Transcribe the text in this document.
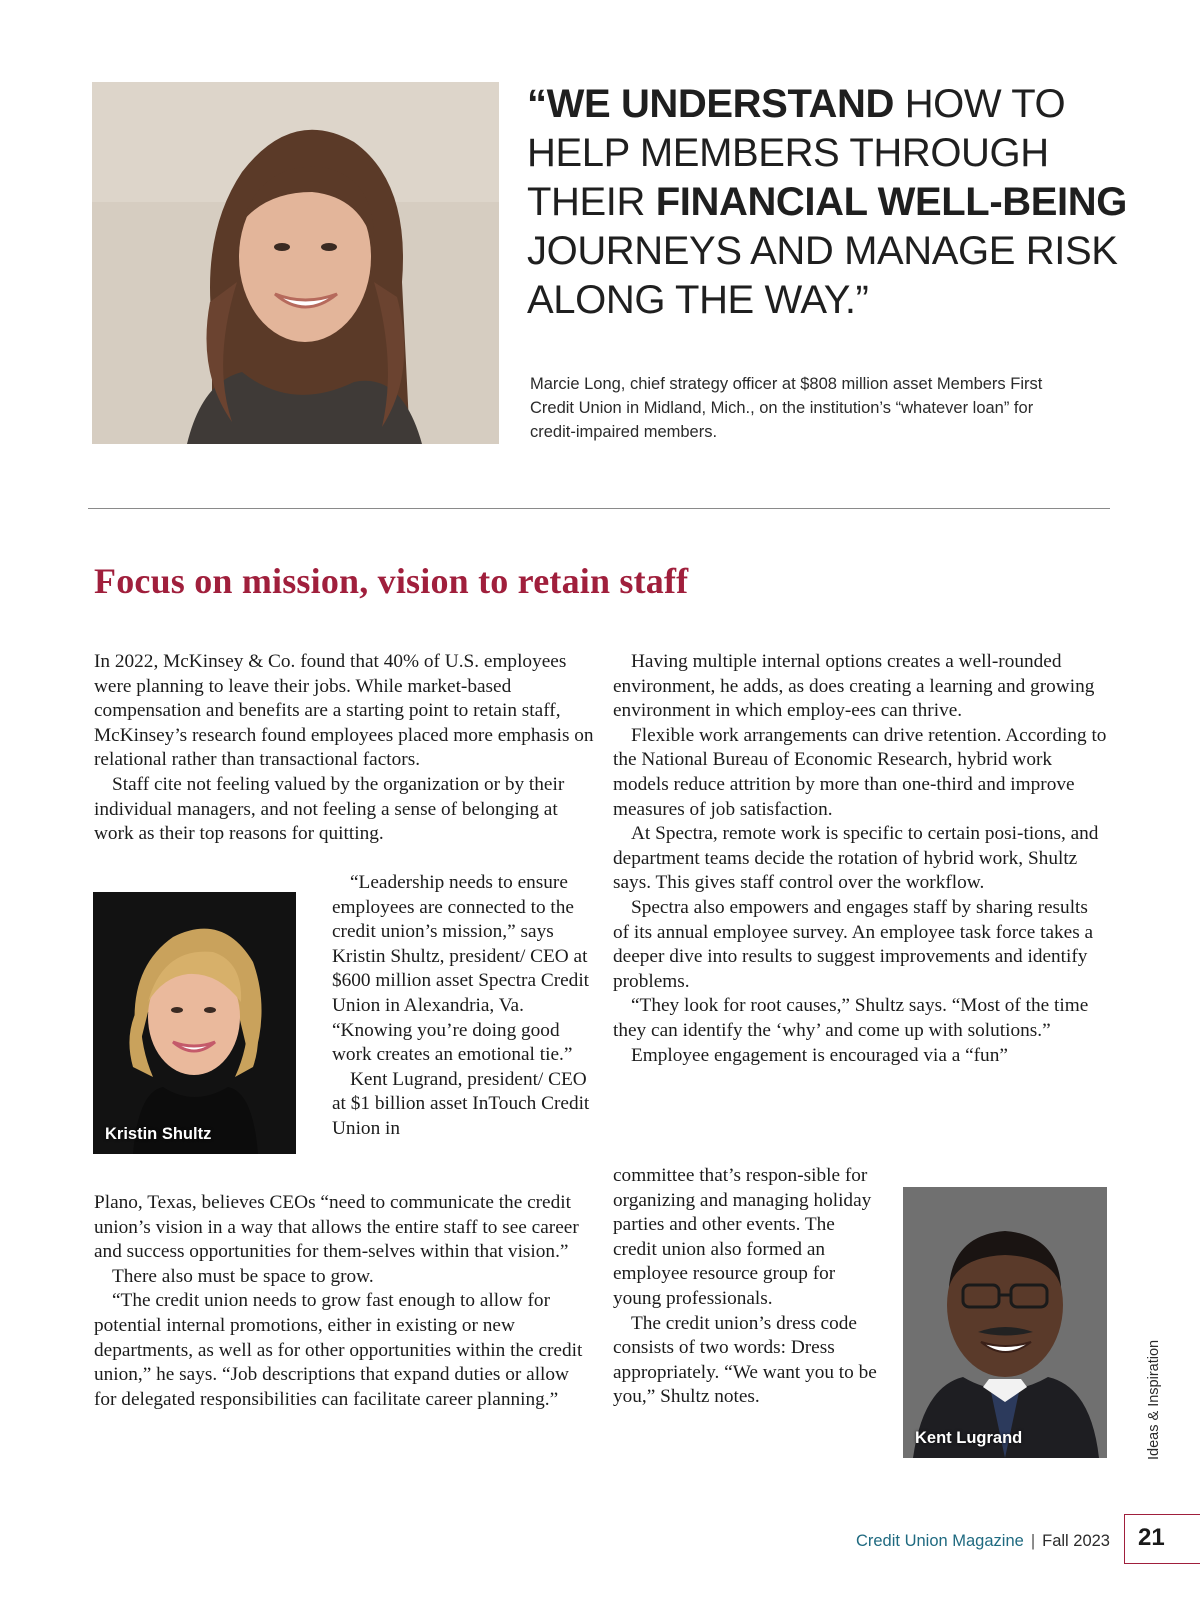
“WE UNDERSTAND HOW TO HELP MEMBERS THROUGH THEIR FINANCIAL WELL-BEING JOURNEYS AND MANAGE RISK ALONG THE WAY.”
Marcie Long, chief strategy officer at $808 million asset Members First Credit Union in Midland, Mich., on the institution’s “whatever loan” for credit-impaired members.
Focus on mission, vision to retain staff

In 2022, McKinsey & Co. found that 40% of U.S. employees were planning to leave their jobs. While market-based compensation and benefits are a starting point to retain staff, McKinsey’s research found employees placed more emphasis on relational rather than transactional factors.

Staff cite not feeling valued by the organization or by their individual managers, and not feeling a sense of belonging at work as their top reasons for quitting.

Kristin Shultz

“Leadership needs to ensure employees are connected to the credit union’s mission,” says Kristin Shultz, president/ CEO at $600 million asset Spectra Credit Union in Alexandria, Va. “Knowing you’re doing good work creates an emotional tie.”

Kent Lugrand, president/ CEO at $1 billion asset InTouch Credit Union in

Plano, Texas, believes CEOs “need to communicate the credit union’s vision in a way that allows the entire staff to see career and success opportunities for them-selves within that vision.”

There also must be space to grow.

“The credit union needs to grow fast enough to allow for potential internal promotions, either in existing or new departments, as well as for other opportunities within the credit union,” he says. “Job descriptions that expand duties or allow for delegated responsibilities can facilitate career planning.”

Having multiple internal options creates a well-rounded environment, he adds, as does creating a learning and growing environment in which employ-ees can thrive.

Flexible work arrangements can drive retention. According to the National Bureau of Economic Research, hybrid work models reduce attrition by more than one-third and improve measures of job satisfaction.

At Spectra, remote work is specific to certain posi-tions, and department teams decide the rotation of hybrid work, Shultz says. This gives staff control over the workflow.

Spectra also empowers and engages staff by sharing results of its annual employee survey. An employee task force takes a deeper dive into results to suggest improvements and identify problems.

“They look for root causes,” Shultz says. “Most of the time they can identify the ‘why’ and come up with solutions.”

Employee engagement is encouraged via a “fun”

committee that’s respon-sible for organizing and managing holiday parties and other events. The credit union also formed an employee resource group for young professionals.

The credit union’s dress code consists of two words: Dress appropriately. “We want you to be you,” Shultz notes.

Kent Lugrand	Ideas & Inspiration
Credit Union Magazine | Fall 2023	21
